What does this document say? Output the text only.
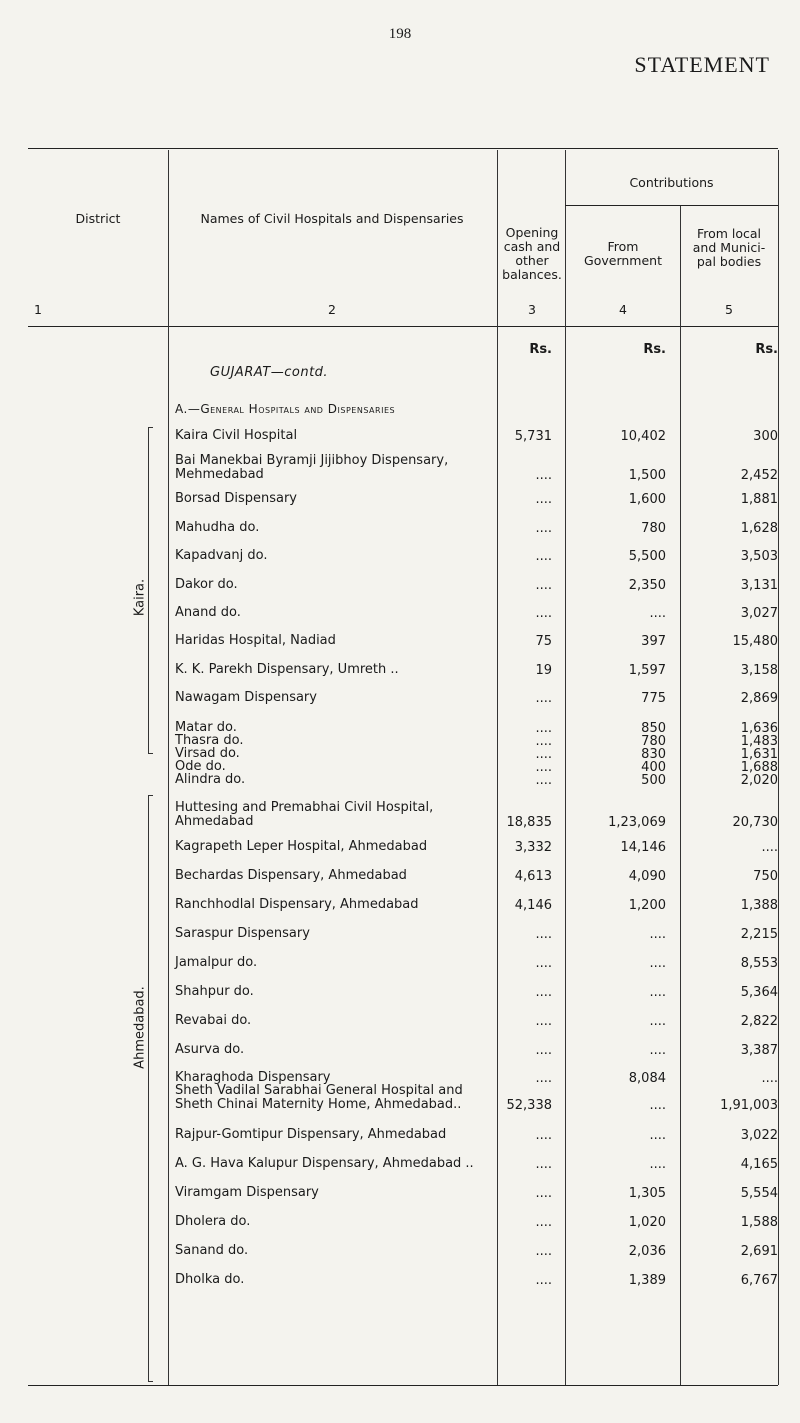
198
STATEMENT
District	Names of Civil Hospitals and Dispensaries
Opening cash and other balances.
Contributions
From Government
From local and Munici-pal bodies
1	2	3	4	5
Rs.	Rs.	Rs.
GUJARAT—contd.
A.—General Hospitals and Dispensaries
Kaira.
Ahmedabad.
Kaira Civil Hospital	5,731	10,402	300
Bai Manekbai Byramji Jijibhoy Dispensary, Mehmedabad	....	1,500	2,452
Borsad Dispensary	....	1,600	1,881
Mahudha do.	....	780	1,628
Kapadvanj do.	....	5,500	3,503
Dakor do.	....	2,350	3,131
Anand do.	....	....	3,027
Haridas Hospital, Nadiad	75	397	15,480
K. K. Parekh Dispensary, Umreth ..	19	1,597	3,158
Nawagam Dispensary	....	775	2,869
Matar do.	....	850	1,636
Thasra do.	....	780	1,483
Virsad do.	....	830	1,631
Ode do.	....	400	1,688
Alindra do.	....	500	2,020
Huttesing and Premabhai Civil Hospital, Ahmedabad	18,835	1,23,069	20,730
Kagrapeth Leper Hospital, Ahmedabad	3,332	14,146	....
Bechardas Dispensary, Ahmedabad	4,613	4,090	750
Ranchhodlal Dispensary, Ahmedabad	4,146	1,200	1,388
Saraspur Dispensary	....	....	2,215
Jamalpur do.	....	....	8,553
Shahpur do.	....	....	5,364
Revabai do.	....	....	2,822
Asurva do.	....	....	3,387
Kharaghoda Dispensary	....	8,084	....
Sheth Vadilal Sarabhai General Hospital and Sheth Chinai Maternity Home, Ahmedabad..	52,338	....	1,91,003
Rajpur-Gomtipur Dispensary, Ahmedabad	....	....	3,022
A. G. Hava Kalupur Dispensary, Ahmedabad ..	....	....	4,165
Viramgam Dispensary	....	1,305	5,554
Dholera do.	....	1,020	1,588
Sanand do.	....	2,036	2,691
Dholka do.	....	1,389	6,767
